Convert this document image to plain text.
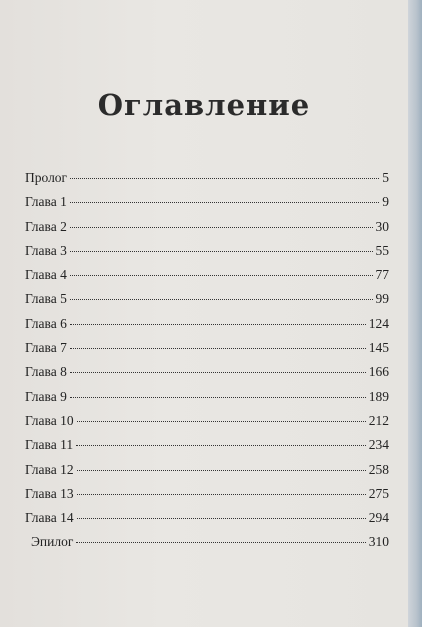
Оглавление
Пролог	5
Глава 1	9
Глава 2	30
Глава 3	55
Глава 4	77
Глава 5	99
Глава 6	124
Глава 7	145
Глава 8	166
Глава 9	189
Глава 10	212
Глава 11	234
Глава 12	258
Глава 13	275
Глава 14	294
Эпилог	310
